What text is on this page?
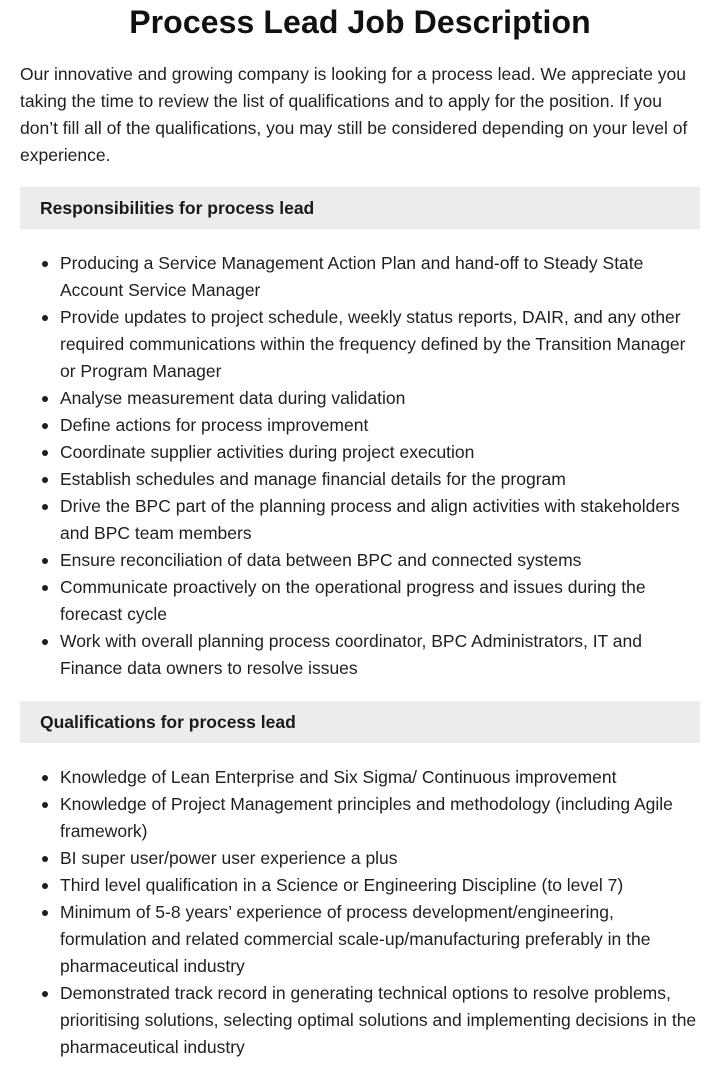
Process Lead Job Description

Our innovative and growing company is looking for a process lead. We appreciate you taking the time to review the list of qualifications and to apply for the position. If you don’t fill all of the qualifications, you may still be considered depending on your level of experience.

Responsibilities for process lead
Producing a Service Management Action Plan and hand-off to Steady State Account Service Manager
Provide updates to project schedule, weekly status reports, DAIR, and any other required communications within the frequency defined by the Transition Manager or Program Manager
Analyse measurement data during validation
Define actions for process improvement
Coordinate supplier activities during project execution
Establish schedules and manage financial details for the program
Drive the BPC part of the planning process and align activities with stakeholders and BPC team members
Ensure reconciliation of data between BPC and connected systems
Communicate proactively on the operational progress and issues during the forecast cycle
Work with overall planning process coordinator, BPC Administrators, IT and Finance data owners to resolve issues
Qualifications for process lead
Knowledge of Lean Enterprise and Six Sigma/ Continuous improvement
Knowledge of Project Management principles and methodology (including Agile framework)
BI super user/power user experience a plus
Third level qualification in a Science or Engineering Discipline (to level 7)
Minimum of 5-8 years’ experience of process development/engineering, formulation and related commercial scale-up/manufacturing preferably in the pharmaceutical industry
Demonstrated track record in generating technical options to resolve problems, prioritising solutions, selecting optimal solutions and implementing decisions in the pharmaceutical industry
